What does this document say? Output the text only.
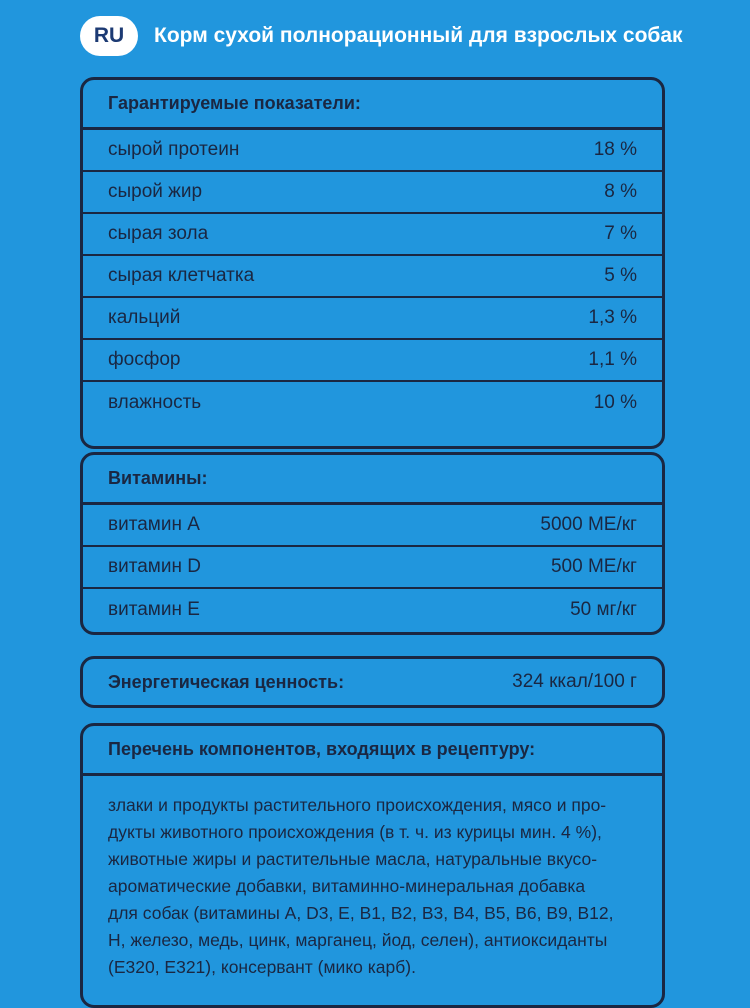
RU	Корм сухой полнорационный для взрослых собак
Гарантируемые показатели:
сырой протеин	18 %
сырой жир	8 %
сырая зола	7 %
сырая клетчатка	5 %
кальций	1,3 %
фосфор	1,1 %
влажность	10 %
Витамины:
витамин А	5000 МЕ/кг
витамин D	500 МЕ/кг
витамин Е	50 мг/кг
Энергетическая ценность:	324 ккал/100 г
Перечень компонентов, входящих в рецептуру:
злаки и продукты растительного происхождения, мясо и про-
дукты животного происхождения (в т. ч. из курицы мин. 4 %),
животные жиры и растительные масла, натуральные вкусо-
ароматические добавки, витаминно-минеральная добавка
для собак (витамины A, D3, E, B1, B2, B3, B4, B5, B6, B9, B12,
H, железо, медь, цинк, марганец, йод, селен), антиоксиданты
(E320, E321), консервант (мико карб).
